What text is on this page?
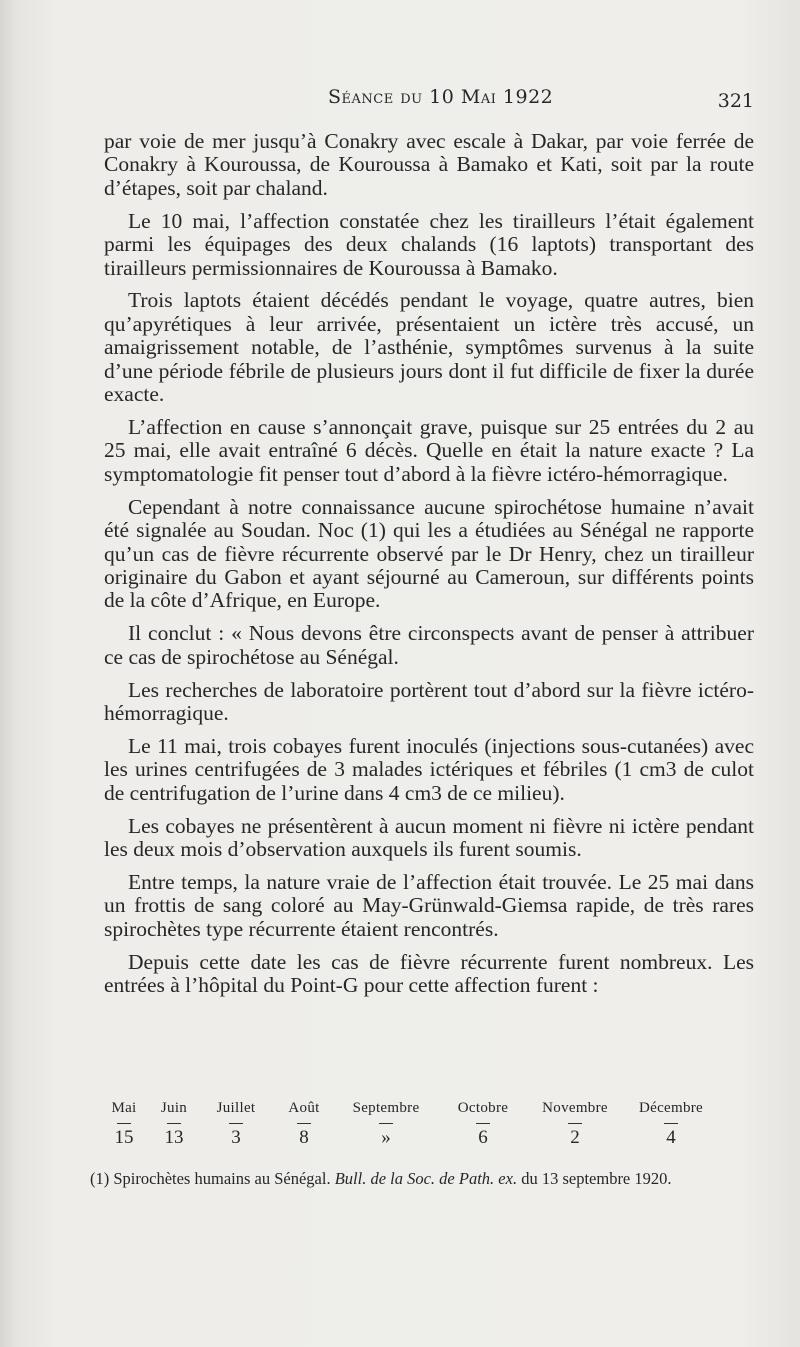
Séance du 10 Mai 1922	321

par voie de mer jusqu’à Conakry avec escale à Dakar, par voie ferrée de Conakry à Kouroussa, de Kouroussa à Bamako et Kati, soit par la route d’étapes, soit par chaland.

Le 10 mai, l’affection constatée chez les tirailleurs l’était également parmi les équipages des deux chalands (16 laptots) transportant des tirailleurs permissionnaires de Kouroussa à Bamako.

Trois laptots étaient décédés pendant le voyage, quatre autres, bien qu’apyrétiques à leur arrivée, présentaient un ictère très accusé, un amaigrissement notable, de l’asthénie, symptômes survenus à la suite d’une période fébrile de plusieurs jours dont il fut difficile de fixer la durée exacte.

L’affection en cause s’annonçait grave, puisque sur 25 entrées du 2 au 25 mai, elle avait entraîné 6 décès. Quelle en était la nature exacte ? La symptomatologie fit penser tout d’abord à la fièvre ictéro-hémorragique.

Cependant à notre connaissance aucune spirochétose humaine n’avait été signalée au Soudan. Noc (1) qui les a étudiées au Sénégal ne rapporte qu’un cas de fièvre récurrente observé par le Dr Henry, chez un tirailleur originaire du Gabon et ayant séjourné au Cameroun, sur différents points de la côte d’Afrique, en Europe.

Il conclut : « Nous devons être circonspects avant de penser à attribuer ce cas de spirochétose au Sénégal.

Les recherches de laboratoire portèrent tout d’abord sur la fièvre ictéro-hémorragique.

Le 11 mai, trois cobayes furent inoculés (injections sous-cutanées) avec les urines centrifugées de 3 malades ictériques et fébriles (1 cm3 de culot de centrifugation de l’urine dans 4 cm3 de ce milieu).

Les cobayes ne présentèrent à aucun moment ni fièvre ni ictère pendant les deux mois d’observation auxquels ils furent soumis.

Entre temps, la nature vraie de l’affection était trouvée. Le 25 mai dans un frottis de sang coloré au May-Grünwald-Giemsa rapide, de très rares spirochètes type récurrente étaient rencontrés.

Depuis cette date les cas de fièvre récurrente furent nombreux. Les entrées à l’hôpital du Point-G pour cette affection furent :

Mai
15
Juin
13
Juillet
3
Août
8
Septembre
»
Octobre
6
Novembre
2
Décembre
4
(1) Spirochètes humains au Sénégal. Bull. de la Soc. de Path. ex. du 13 septembre 1920.
